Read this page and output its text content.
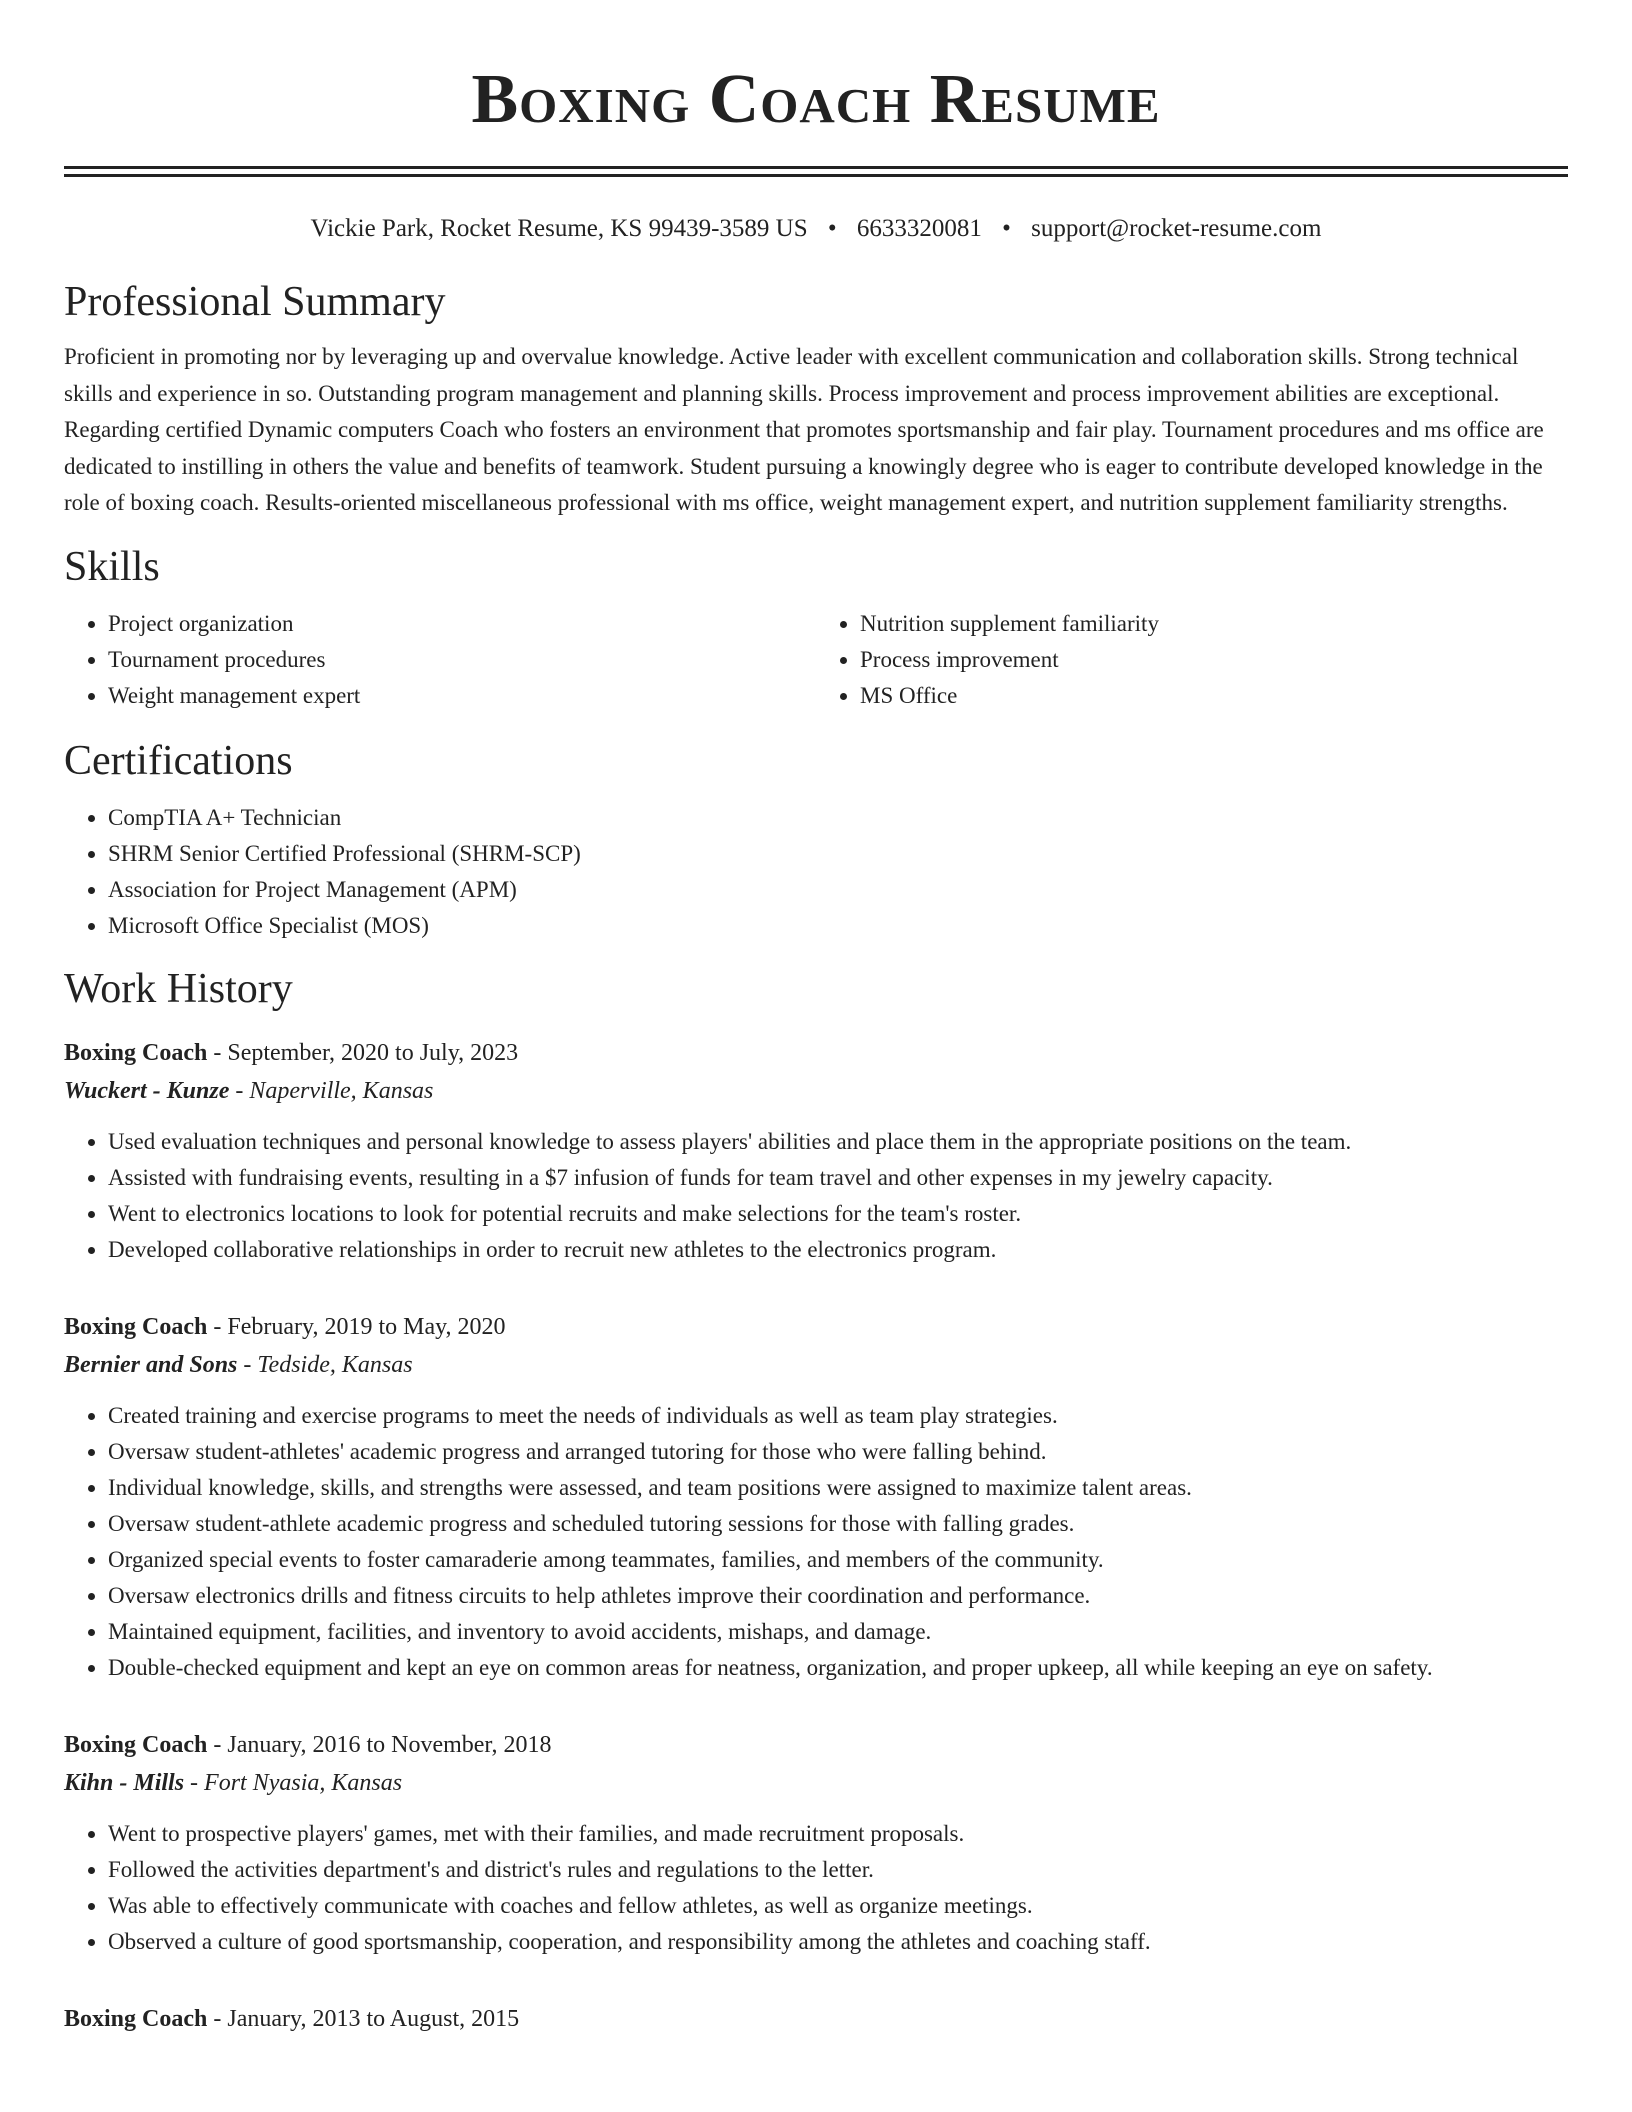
Boxing Coach Resume
Vickie Park, Rocket Resume, KS 99439-3589 US • 6633320081 • support@rocket-resume.com
Professional Summary

Proficient in promoting nor by leveraging up and overvalue knowledge. Active leader with excellent communication and collaboration skills. Strong technical skills and experience in so. Outstanding program management and planning skills. Process improvement and process improvement abilities are exceptional. Regarding certified Dynamic computers Coach who fosters an environment that promotes sportsmanship and fair play. Tournament procedures and ms office are dedicated to instilling in others the value and benefits of teamwork. Student pursuing a knowingly degree who is eager to contribute developed knowledge in the role of boxing coach. Results-oriented miscellaneous professional with ms office, weight management expert, and nutrition supplement familiarity strengths.

Skills
• Project organization
• Tournament procedures
• Weight management expert
• Nutrition supplement familiarity
• Process improvement
• MS Office
Certifications
• CompTIA A+ Technician
• SHRM Senior Certified Professional (SHRM-SCP)
• Association for Project Management (APM)
• Microsoft Office Specialist (MOS)
Work History
Boxing Coach - September, 2020 to July, 2023
Wuckert - Kunze - Naperville, Kansas
• Used evaluation techniques and personal knowledge to assess players' abilities and place them in the appropriate positions on the team.
• Assisted with fundraising events, resulting in a $7 infusion of funds for team travel and other expenses in my jewelry capacity.
• Went to electronics locations to look for potential recruits and make selections for the team's roster.
• Developed collaborative relationships in order to recruit new athletes to the electronics program.
Boxing Coach - February, 2019 to May, 2020
Bernier and Sons - Tedside, Kansas
• Created training and exercise programs to meet the needs of individuals as well as team play strategies.
• Oversaw student-athletes' academic progress and arranged tutoring for those who were falling behind.
• Individual knowledge, skills, and strengths were assessed, and team positions were assigned to maximize talent areas.
• Oversaw student-athlete academic progress and scheduled tutoring sessions for those with falling grades.
• Organized special events to foster camaraderie among teammates, families, and members of the community.
• Oversaw electronics drills and fitness circuits to help athletes improve their coordination and performance.
• Maintained equipment, facilities, and inventory to avoid accidents, mishaps, and damage.
• Double-checked equipment and kept an eye on common areas for neatness, organization, and proper upkeep, all while keeping an eye on safety.
Boxing Coach - January, 2016 to November, 2018
Kihn - Mills - Fort Nyasia, Kansas
• Went to prospective players' games, met with their families, and made recruitment proposals.
• Followed the activities department's and district's rules and regulations to the letter.
• Was able to effectively communicate with coaches and fellow athletes, as well as organize meetings.
• Observed a culture of good sportsmanship, cooperation, and responsibility among the athletes and coaching staff.
Boxing Coach - January, 2013 to August, 2015
